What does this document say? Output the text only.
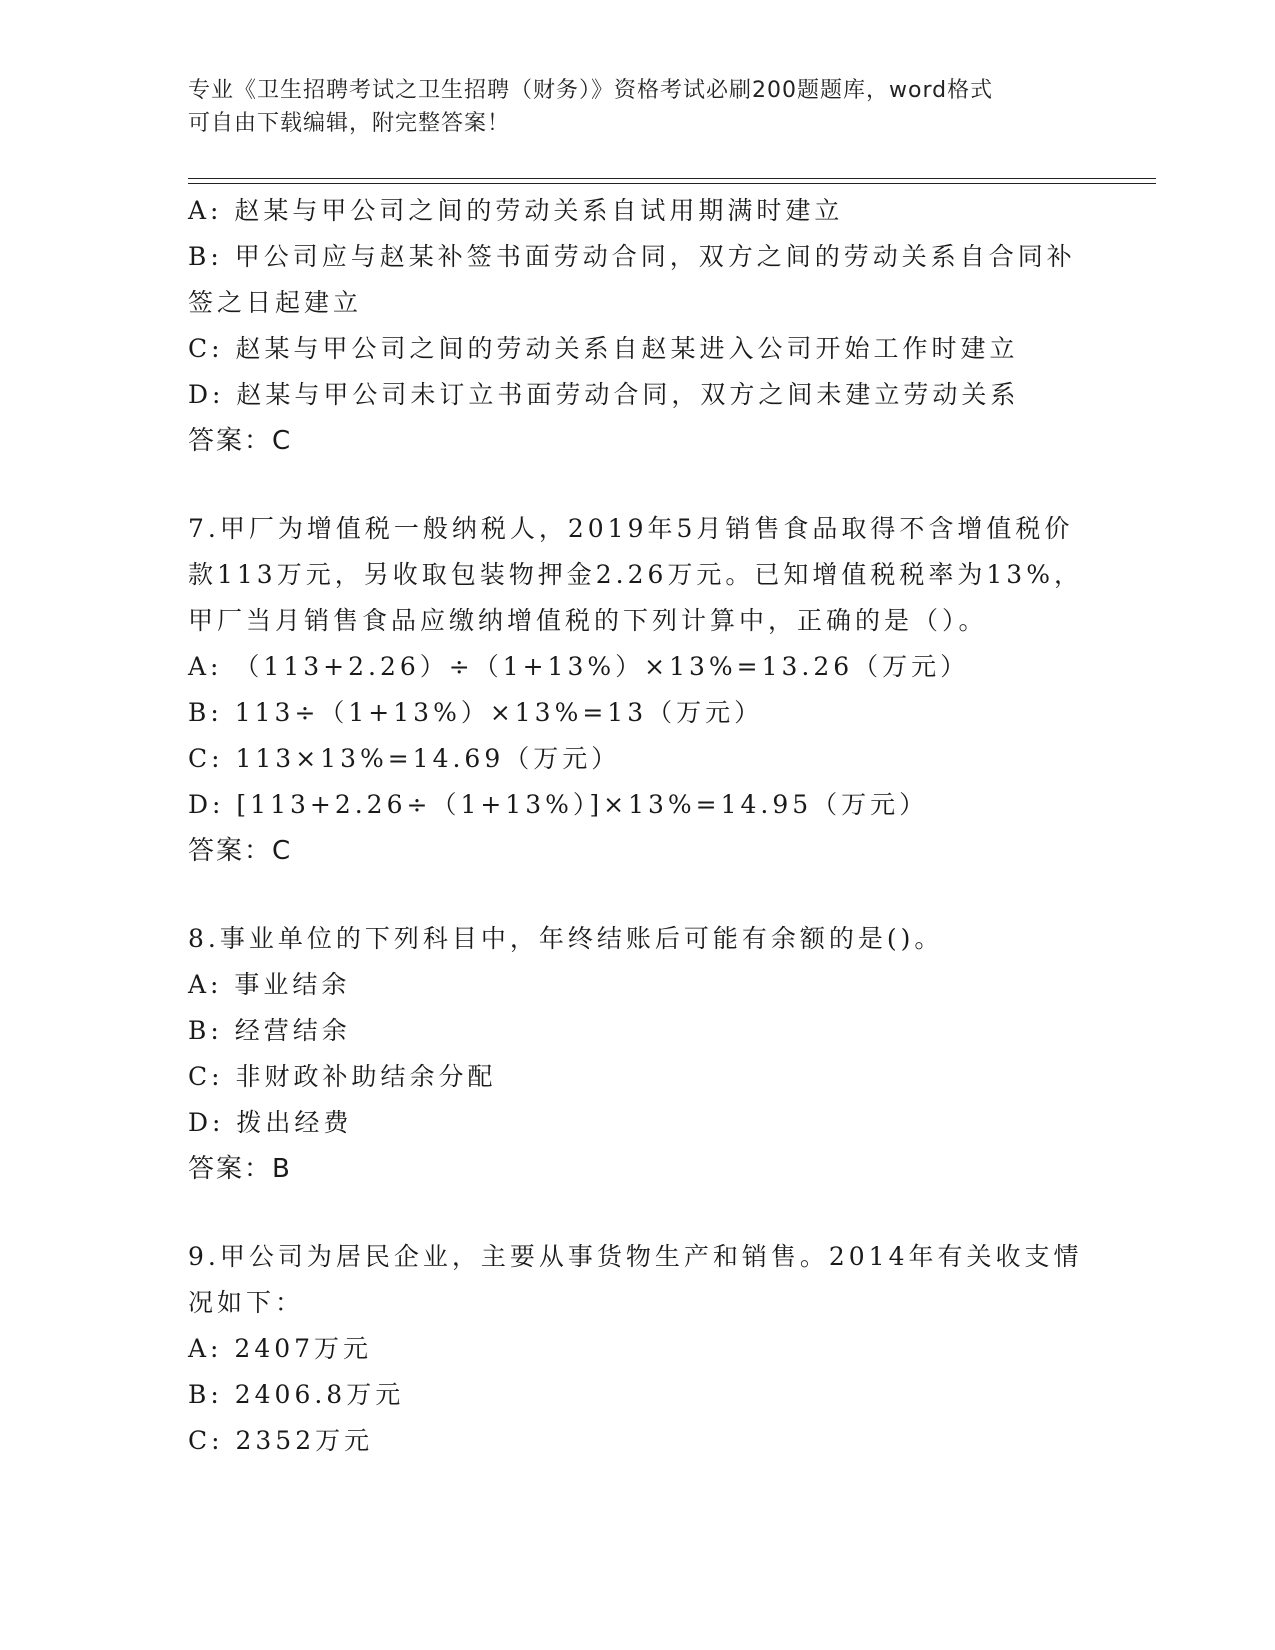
专业《卫生招聘考试之卫生招聘（财务）》资格考试必刷200题题库，word格式
可自由下载编辑，附完整答案！
A: 赵某与甲公司之间的劳动关系自试用期满时建立
B: 甲公司应与赵某补签书面劳动合同，双方之间的劳动关系自合同补
签之日起建立
C: 赵某与甲公司之间的劳动关系自赵某进入公司开始工作时建立
D: 赵某与甲公司未订立书面劳动合同，双方之间未建立劳动关系
答案：C
7.甲厂为增值税一般纳税人，2019年5月销售食品取得不含增值税价
款113万元，另收取包装物押金2.26万元。已知增值税税率为13%，
甲厂当月销售食品应缴纳增值税的下列计算中，正确的是（）。
A: （113+2.26）÷（1+13%）×13%=13.26（万元）
B: 113÷（1+13%）×13%=13（万元）
C: 113×13%=14.69（万元）
D: [113+2.26÷（1+13%）]×13%=14.95（万元）
答案：C
8.事业单位的下列科目中，年终结账后可能有余额的是()。
A: 事业结余
B: 经营结余
C: 非财政补助结余分配
D: 拨出经费
答案：B
9.甲公司为居民企业，主要从事货物生产和销售。2014年有关收支情
况如下：
A: 2407万元
B: 2406.8万元
C: 2352万元
